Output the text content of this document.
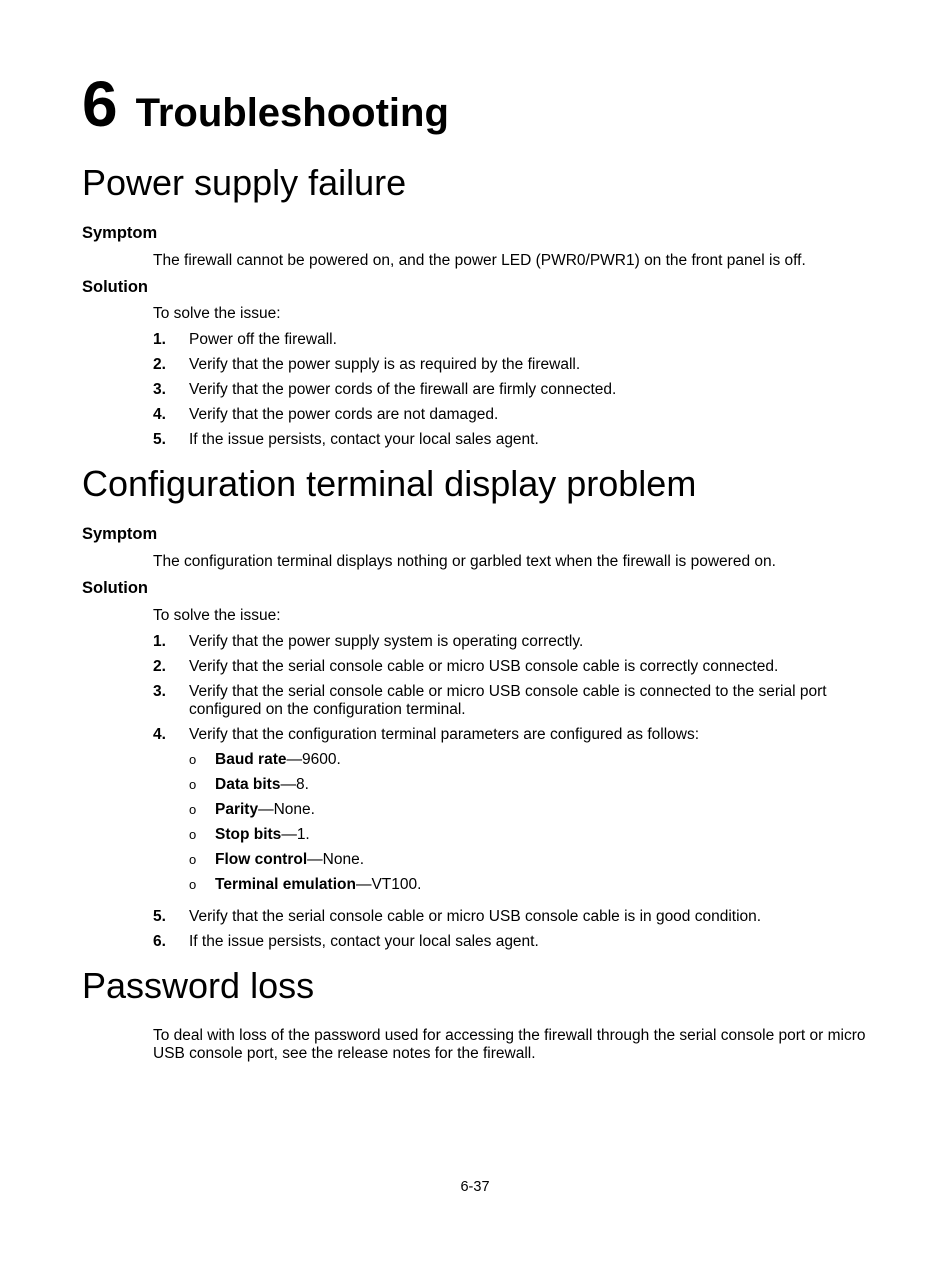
6 Troubleshooting
Power supply failure
Symptom

The firewall cannot be powered on, and the power LED (PWR0/PWR1) on the front panel is off.

Solution

To solve the issue:

1.	Power off the firewall.
2.	Verify that the power supply is as required by the firewall.
3.	Verify that the power cords of the firewall are firmly connected.
4.	Verify that the power cords are not damaged.
5.	If the issue persists, contact your local sales agent.
Configuration terminal display problem
Symptom

The configuration terminal displays nothing or garbled text when the firewall is powered on.

Solution

To solve the issue:

1.	Verify that the power supply system is operating correctly.
2.	Verify that the serial console cable or micro USB console cable is correctly connected.
3.	Verify that the serial console cable or micro USB console cable is connected to the serial port configured on the configuration terminal.
4.	Verify that the configuration terminal parameters are configured as follows:
o	Baud rate—9600.
o	Data bits—8.
o	Parity—None.
o	Stop bits—1.
o	Flow control—None.
o	Terminal emulation—VT100.
5.	Verify that the serial console cable or micro USB console cable is in good condition.
6.	If the issue persists, contact your local sales agent.
Password loss

To deal with loss of the password used for accessing the firewall through the serial console port or micro USB console port, see the release notes for the firewall.

6-37
